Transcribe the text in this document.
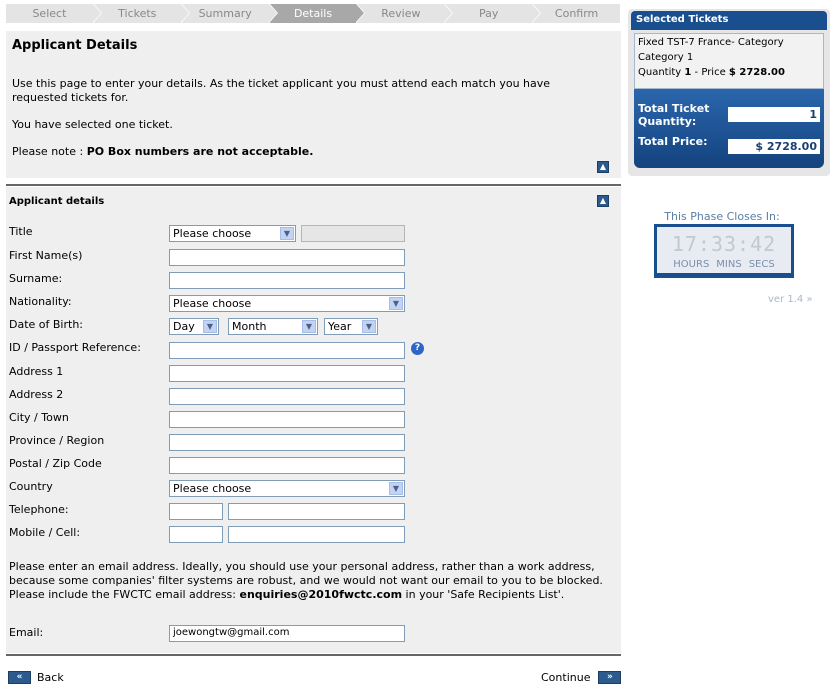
Select	Tickets	Summary	Details	Review	Pay	Confirm
Applicant Details

Use this page to enter your details. As the ticket applicant you must attend each match you have requested tickets for.

You have selected one ticket.

Please note : PO Box numbers are not acceptable.

▲
Applicant details	▲
Title	Please choose	▼
First Name(s)
Surname:
Nationality:	Please choose	▼
Date of Birth:	Day	▼	Month	▼	Year	▼
ID / Passport Reference:	?
Address 1
Address 2
City / Town
Province / Region
Postal / Zip Code
Country	Please choose	▼
Telephone:
Mobile / Cell:
Please enter an email address. Ideally, you should use your personal address, rather than a work address, because some companies' filter systems are robust, and we would not want our email to you to be blocked. Please include the FWCTC email address: enquiries@2010fwctc.com in your 'Safe Recipients List'.
Email:	joewongtw@gmail.com
«	Back	Continue	»
Selected Tickets
Fixed TST-7 France- Category
Category 1
Quantity 1 - Price $ 2728.00
Total Ticket
Quantity:
1
Total Price:	$ 2728.00
This Phase Closes In:
17:33:42
HOURS MINS SECS
ver 1.4 »
